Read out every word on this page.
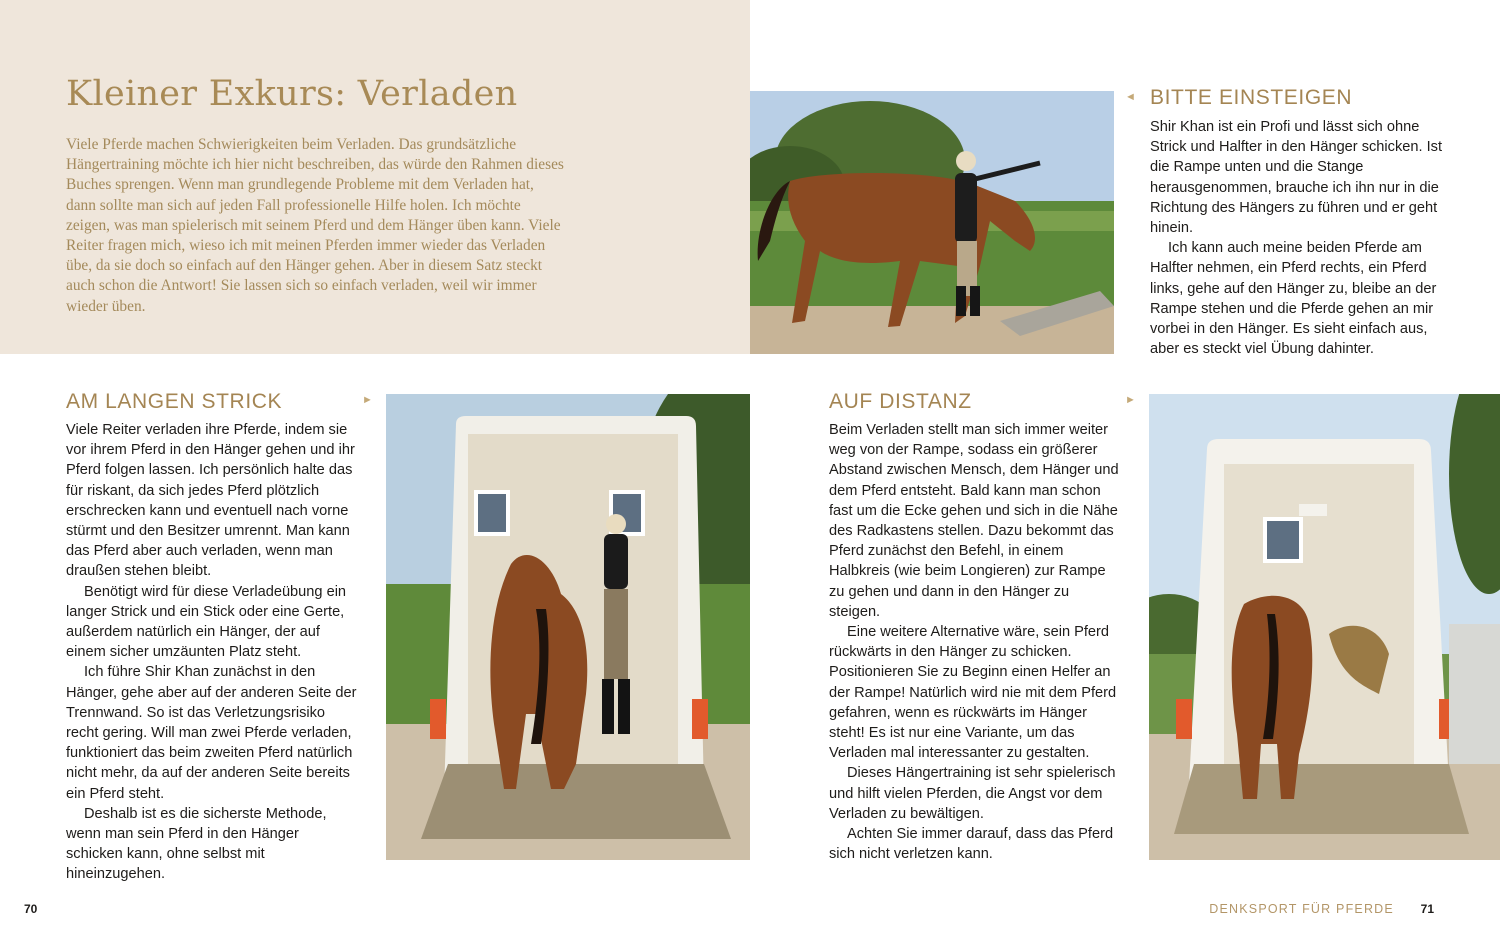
Kleiner Exkurs: Verladen

Viele Pferde machen Schwierigkeiten beim Verladen. Das grundsätzliche Hängertraining möchte ich hier nicht beschreiben, das würde den Rahmen dieses Buches sprengen. Wenn man grundlegende Probleme mit dem Verladen hat, dann sollte man sich auf jeden Fall professionelle Hilfe holen. Ich möchte zeigen, was man spielerisch mit seinem Pferd und dem Hänger üben kann. Viele Reiter fragen mich, wieso ich mit meinen Pferden immer wieder das Verladen übe, da sie doch so einfach auf den Hänger gehen. Aber in diesem Satz steckt auch schon die Antwort! Sie lassen sich so einfach verladen, weil wir immer wieder üben.

◄ BITTE EINSTEIGEN

Shir Khan ist ein Profi und lässt sich ohne Strick und Halfter in den Hänger schicken. Ist die Rampe unten und die Stange herausgenommen, brauche ich ihn nur in die Richtung des Hängers zu führen und er geht hinein.

Ich kann auch meine beiden Pferde am Halfter nehmen, ein Pferd rechts, ein Pferd links, gehe auf den Hänger zu, bleibe an der Rampe stehen und die Pferde gehen an mir vorbei in den Hänger. Es sieht einfach aus, aber es steckt viel Übung dahinter.

AM LANGEN STRICK	►

Viele Reiter verladen ihre Pferde, indem sie vor ihrem Pferd in den Hänger gehen und ihr Pferd folgen lassen. Ich persönlich halte das für riskant, da sich jedes Pferd plötzlich erschrecken kann und eventuell nach vorne stürmt und den Besitzer umrennt. Man kann das Pferd aber auch verladen, wenn man draußen stehen bleibt.

Benötigt wird für diese Verladeübung ein langer Strick und ein Stick oder eine Gerte, außerdem natürlich ein Hänger, der auf einem sicher umzäunten Platz steht.

Ich führe Shir Khan zunächst in den Hänger, gehe aber auf der anderen Seite der Trennwand. So ist das Verletzungsrisiko recht gering. Will man zwei Pferde verladen, funktioniert das beim zweiten Pferd natürlich nicht mehr, da auf der anderen Seite bereits ein Pferd steht.

Deshalb ist es die sicherste Methode, wenn man sein Pferd in den Hänger schicken kann, ohne selbst mit hineinzugehen.

AUF DISTANZ	►

Beim Verladen stellt man sich immer weiter weg von der Rampe, sodass ein größerer Abstand zwischen Mensch, dem Hänger und dem Pferd entsteht. Bald kann man schon fast um die Ecke gehen und sich in die Nähe des Radkastens stellen. Dazu bekommt das Pferd zunächst den Befehl, in einem Halbkreis (wie beim Longieren) zur Rampe zu gehen und dann in den Hänger zu steigen.

Eine weitere Alternative wäre, sein Pferd rückwärts in den Hänger zu schicken. Positionieren Sie zu Beginn einen Helfer an der Rampe! Natürlich wird nie mit dem Pferd gefahren, wenn es rückwärts im Hänger steht! Es ist nur eine Variante, um das Verladen mal interessanter zu gestalten.

Dieses Hängertraining ist sehr spielerisch und hilft vielen Pferden, die Angst vor dem Verladen zu bewältigen.

Achten Sie immer darauf, dass das Pferd sich nicht verletzen kann.

70	DENKSPORT FÜR PFERDE 71
